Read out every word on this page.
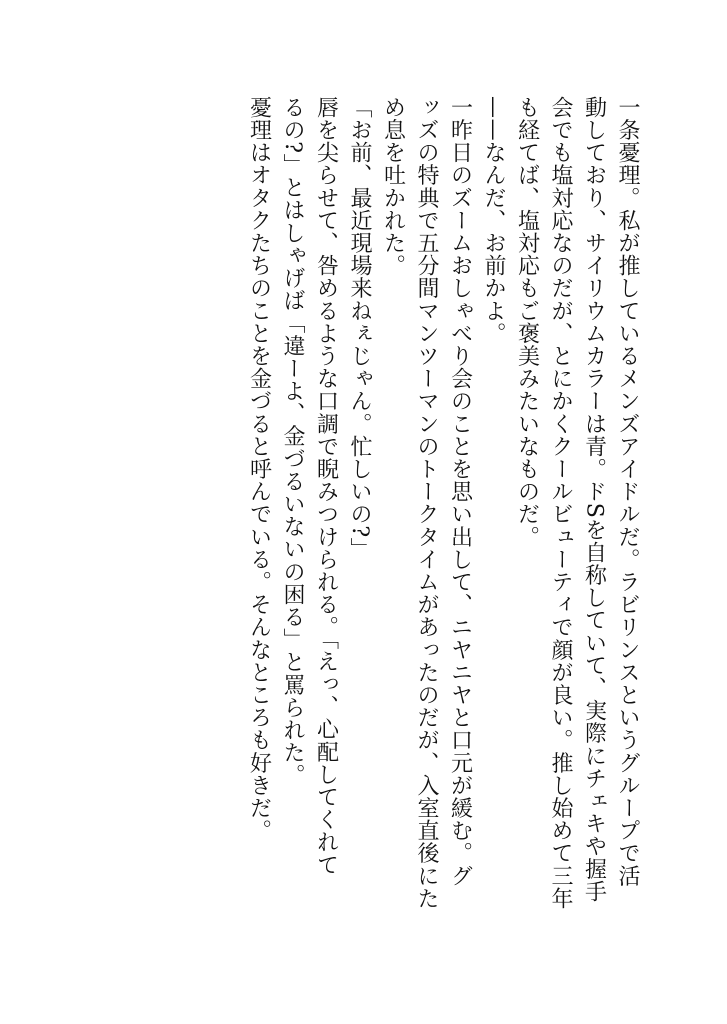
一条憂理。私が推しているメンズアイドルだ。ラビリンスというグループで活
動しており、サイリウムカラーは青。ドSを自称していて、実際にチェキや握手
会でも塩対応なのだが、とにかくクールビューティで顔が良い。推し始めて三年
も経てば、塩対応もご褒美みたいなものだ。

——なんだ、お前かよ。

一昨日のズームおしゃべり会のことを思い出して、ニヤニヤと口元が緩む。グ
ッズの特典で五分間マンツーマンのトークタイムがあったのだが、入室直後にた
め息を吐かれた。

「お前、最近現場来ねぇじゃん。忙しいの?」

唇を尖らせて、咎めるような口調で睨みつけられる。「えっ、心配してくれて
るの?」とはしゃげば「違ーよ、金づるいないの困る」と罵られた。

憂理はオタクたちのことを金づると呼んでいる。そんなところも好きだ。
